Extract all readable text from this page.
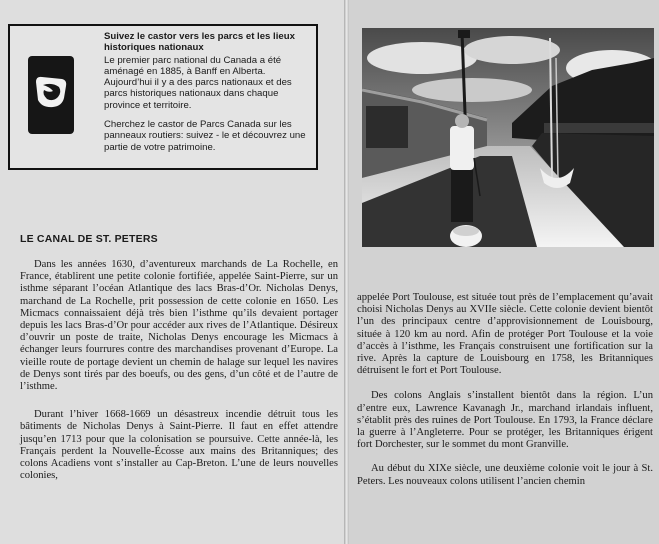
Suivez le castor vers les parcs et les lieux historiques nationaux

Le premier parc national du Canada a été aménagé en 1885, à Banff en Alberta. Aujourd’hui il y a des parcs nationaux et des parcs historiques nationaux dans chaque province et territoire.

Cherchez le castor de Parcs Canada sur les panneaux routiers: suivez - le et découvrez une partie de votre patrimoine.

LE CANAL DE ST. PETERS

Dans les années 1630, d’aventureux marchands de La Rochelle, en France, établirent une petite colonie fortifiée, appelée Saint-Pierre, sur un isthme séparant l’océan Atlantique des lacs Bras-d’Or. Nicholas Denys, marchand de La Rochelle, prit possession de cette colonie en 1650. Les Micmacs connaissaient déjà très bien l’isthme qu’ils devaient portager depuis les lacs Bras-d’Or pour accéder aux rives de l’Atlantique. Désireux d’ouvrir un poste de traite, Nicholas Denys encourage les Micmacs à échanger leurs fourrures contre des marchandises provenant d’Europe. La vieille route de portage devient un chemin de halage sur lequel les navires de Denys sont tirés par des boeufs, ou des gens, d’un côté et de l’autre de l’isthme.

Durant l’hiver 1668-1669 un désastreux incendie détruit tous les bâtiments de Nicholas Denys à Saint-Pierre. Il faut en effet attendre jusqu’en 1713 pour que la colonisation se poursuive. Cette année-là, les Français perdent la Nouvelle-Écosse aux mains des Britanniques; des colons Acadiens vont s’installer au Cap-Breton. L’une de leurs nouvelles colonies,

appelée Port Toulouse, est située tout près de l’emplacement qu’avait choisi Nicholas Denys au XVIIe siècle. Cette colonie devient bientôt l’un des principaux centre d’approvisionnement de Louisbourg, située à 120 km au nord. Afin de protéger Port Toulouse et la voie d’accès à l’isthme, les Français construisent une fortification sur la rive. Après la capture de Louisbourg en 1758, les Britanniques détruisent le fort et Port Toulouse.

Des colons Anglais s’installent bientôt dans la région. L’un d’entre eux, Lawrence Kavanagh Jr., marchand irlandais influent, s’établit près des ruines de Port Toulouse. En 1793, la France déclare la guerre à l’Angleterre. Pour se protéger, les Britanniques érigent fort Dorchester, sur le sommet du mont Granville.

Au début du XIXe siècle, une deuxième colonie voit le jour à St. Peters. Les nouveaux colons utilisent l’ancien chemin
